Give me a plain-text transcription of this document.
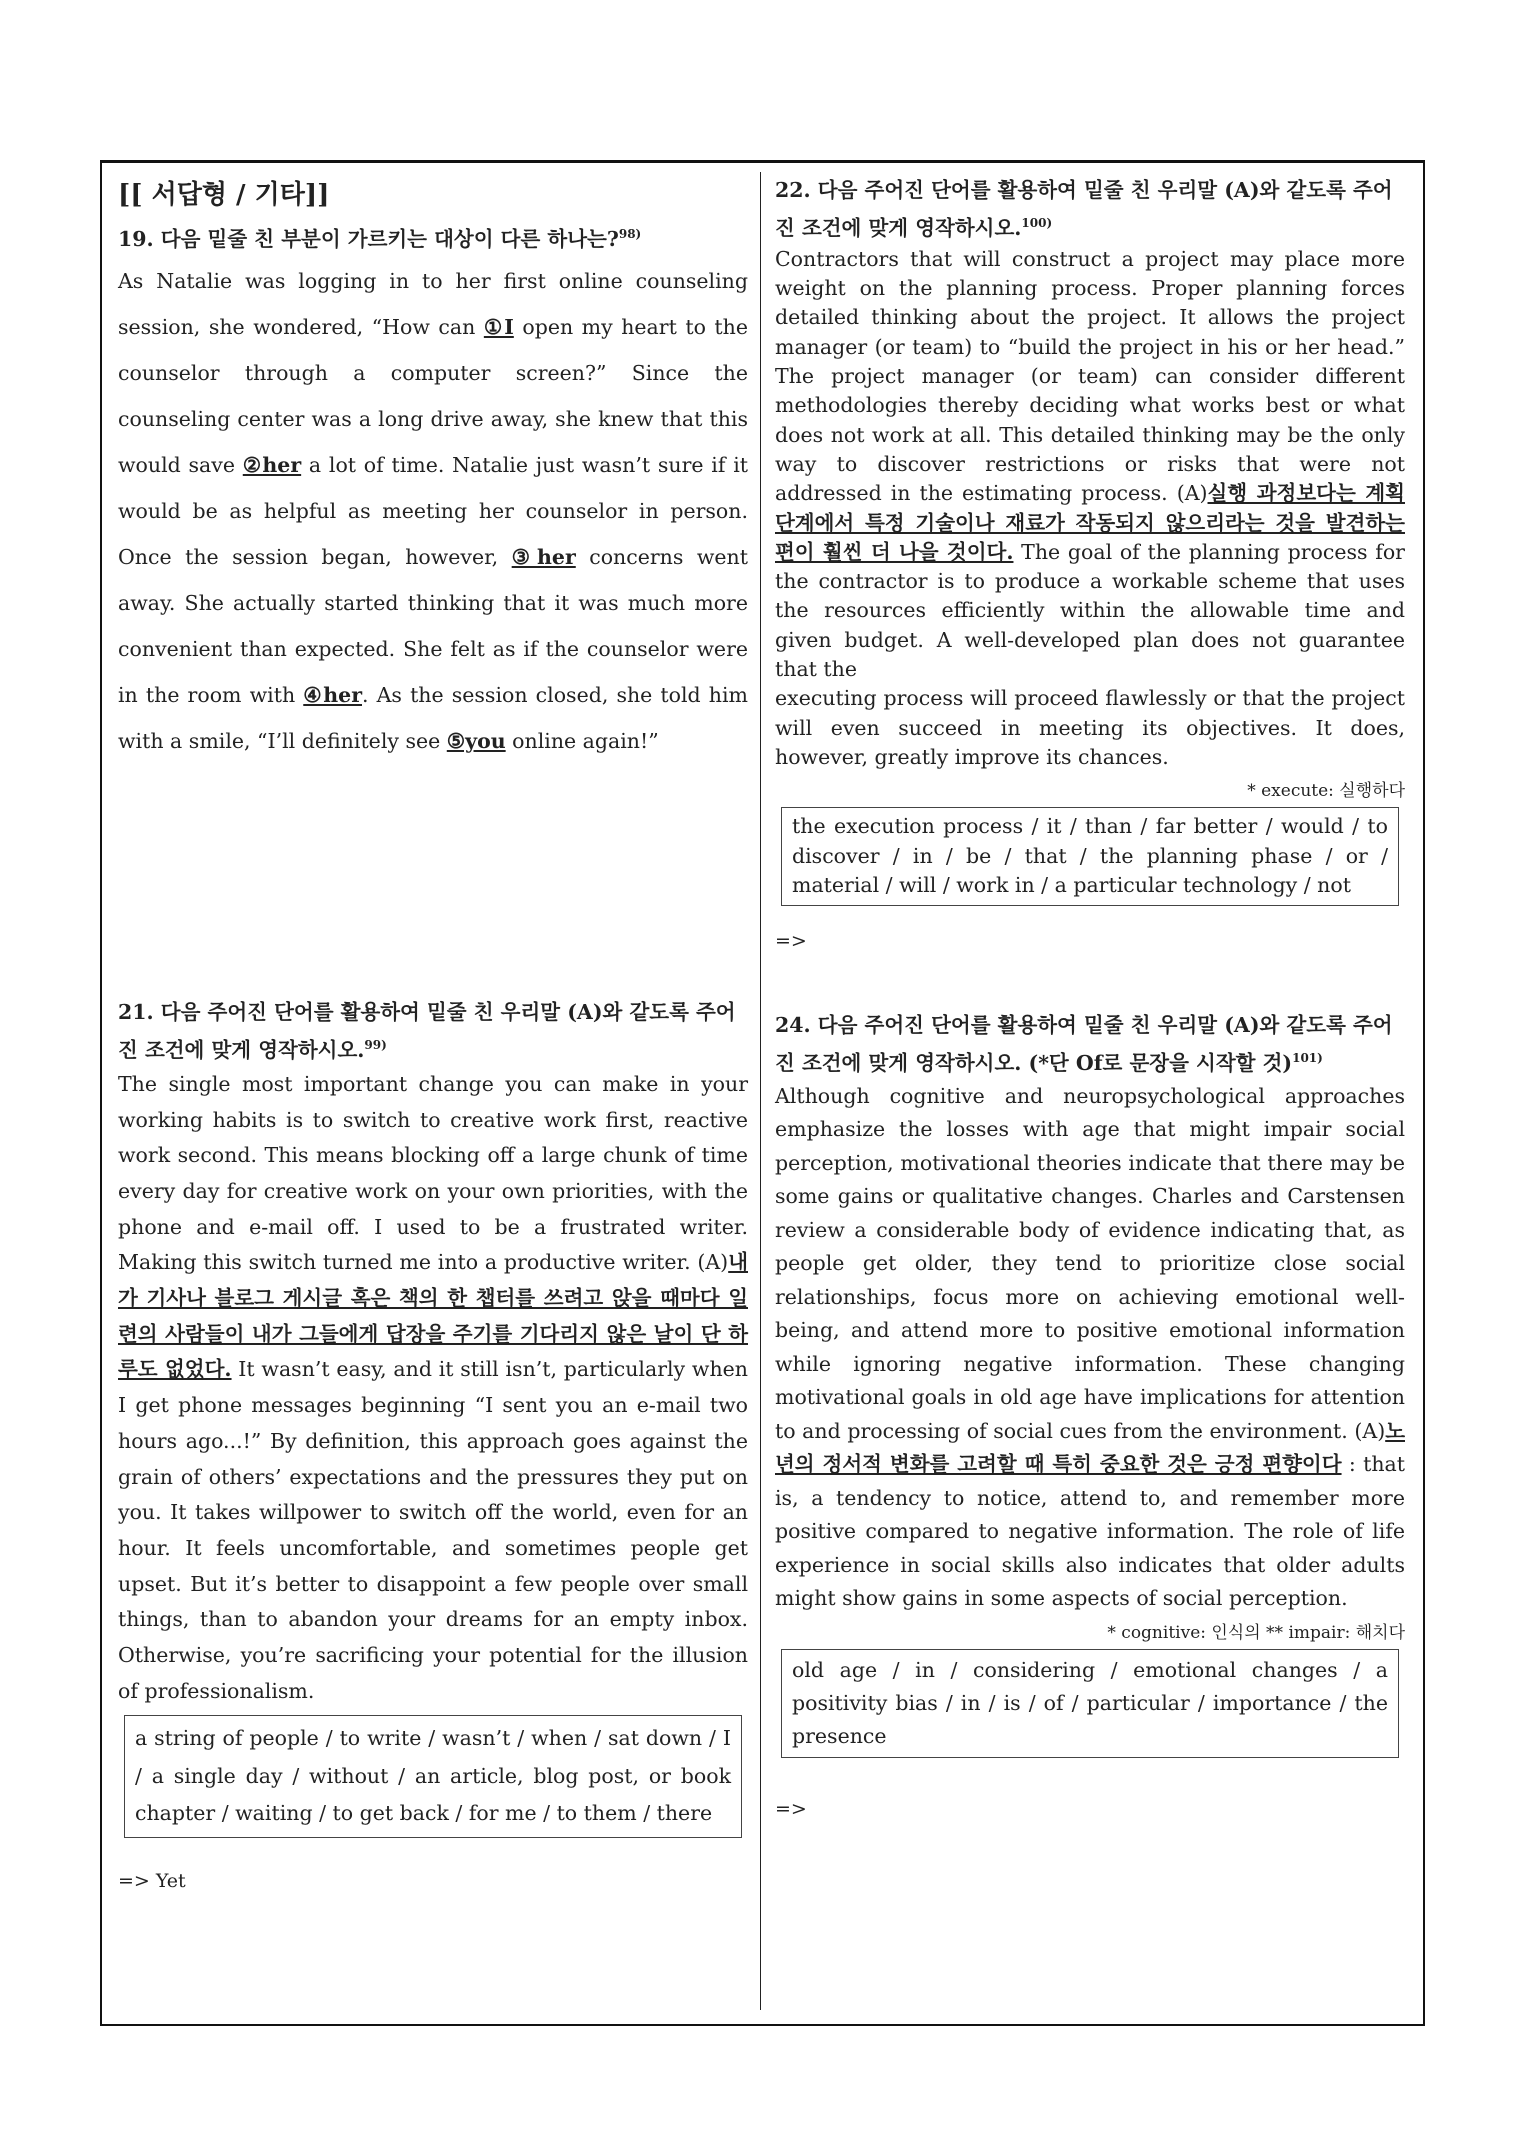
[[ 서답형 / 기타]]
19. 다음 밑줄 친 부분이 가르키는 대상이 다른 하나는?$^{98)}$
As Natalie was logging in to her first online counseling session, she wondered, “How can ①I open my heart to the counselor through a computer screen?” Since the counseling center was a long drive away, she knew that this would save ②her a lot of time. Natalie just wasn’t sure if it would be as helpful as meeting her counselor in person. Once the session began, however, ③her concerns went away. She actually started thinking that it was much more convenient than expected. She felt as if the counselor were in the room with ④her. As the session closed, she told him with a smile, “I’ll definitely see ⑤you online again!”
21. 다음 주어진 단어를 활용하여 밑줄 친 우리말 (A)와 같도록 주어진 조건에 맞게 영작하시오.$^{99)}$
The single most important change you can make in your working habits is to switch to creative work first, reactive work second. This means blocking off a large chunk of time every day for creative work on your own priorities, with the phone and e-mail off. I used to be a frustrated writer. Making this switch turned me into a productive writer. (A)내가 기사나 블로그 게시글 혹은 책의 한 챕터를 쓰려고 앉을 때마다 일련의 사람들이 내가 그들에게 답장을 주기를 기다리지 않은 날이 단 하루도 없었다. It wasn’t easy, and it still isn’t, particularly when I get phone messages beginning “I sent you an e-mail two hours ago...!” By definition, this approach goes against the grain of others’ expectations and the pressures they put on you. It takes willpower to switch off the world, even for an hour. It feels uncomfortable, and sometimes people get upset. But it’s better to disappoint a few people over small things, than to abandon your dreams for an empty inbox. Otherwise, you’re sacrificing your potential for the illusion of professionalism.
a string of people / to write / wasn’t / when / sat down / I / a single day / without / an article, blog post, or book chapter / waiting / to get back / for me / to them / there
=> Yet
22. 다음 주어진 단어를 활용하여 밑줄 친 우리말 (A)와 같도록 주어진 조건에 맞게 영작하시오.$^{100)}$
Contractors that will construct a project may place more weight on the planning process. Proper planning forces detailed thinking about the project. It allows the project manager (or team) to “build the project in his or her head.” The project manager (or team) can consider different methodologies thereby deciding what works best or what does not work at all. This detailed thinking may be the only way to discover restrictions or risks that were not addressed in the estimating process. (A)실행 과정보다는 계획 단계에서 특정 기술이나 재료가 작동되지 않으리라는 것을 발견하는 편이 훨씬 더 나을 것이다. The goal of the planning process for the contractor is to produce a workable scheme that uses the resources efficiently within the allowable time and given budget. A well-developed plan does not guarantee that the
executing process will proceed flawlessly or that the project will even succeed in meeting its objectives. It does, however, greatly improve its chances.
* execute: 실행하다
the execution process / it / than / far better / would / to discover / in / be / that / the planning phase / or / material / will / work in / a particular technology / not
=>
24. 다음 주어진 단어를 활용하여 밑줄 친 우리말 (A)와 같도록 주어진 조건에 맞게 영작하시오. (*단 Of로 문장을 시작할 것)$^{101)}$
Although cognitive and neuropsychological approaches emphasize the losses with age that might impair social perception, motivational theories indicate that there may be some gains or qualitative changes. Charles and Carstensen review a considerable body of evidence indicating that, as people get older, they tend to prioritize close social relationships, focus more on achieving emotional well-being, and attend more to positive emotional information while ignoring negative information. These changing motivational goals in old age have implications for attention to and processing of social cues from the environment. (A)노년의 정서적 변화를 고려할 때 특히 중요한 것은 긍정 편향이다 : that is, a tendency to notice, attend to, and remember more positive compared to negative information. The role of life experience in social skills also indicates that older adults might show gains in some aspects of social perception.
* cognitive: 인식의 ** impair: 해치다
old age / in / considering / emotional changes / a positivity bias / in / is / of / particular / importance / the presence
=>
